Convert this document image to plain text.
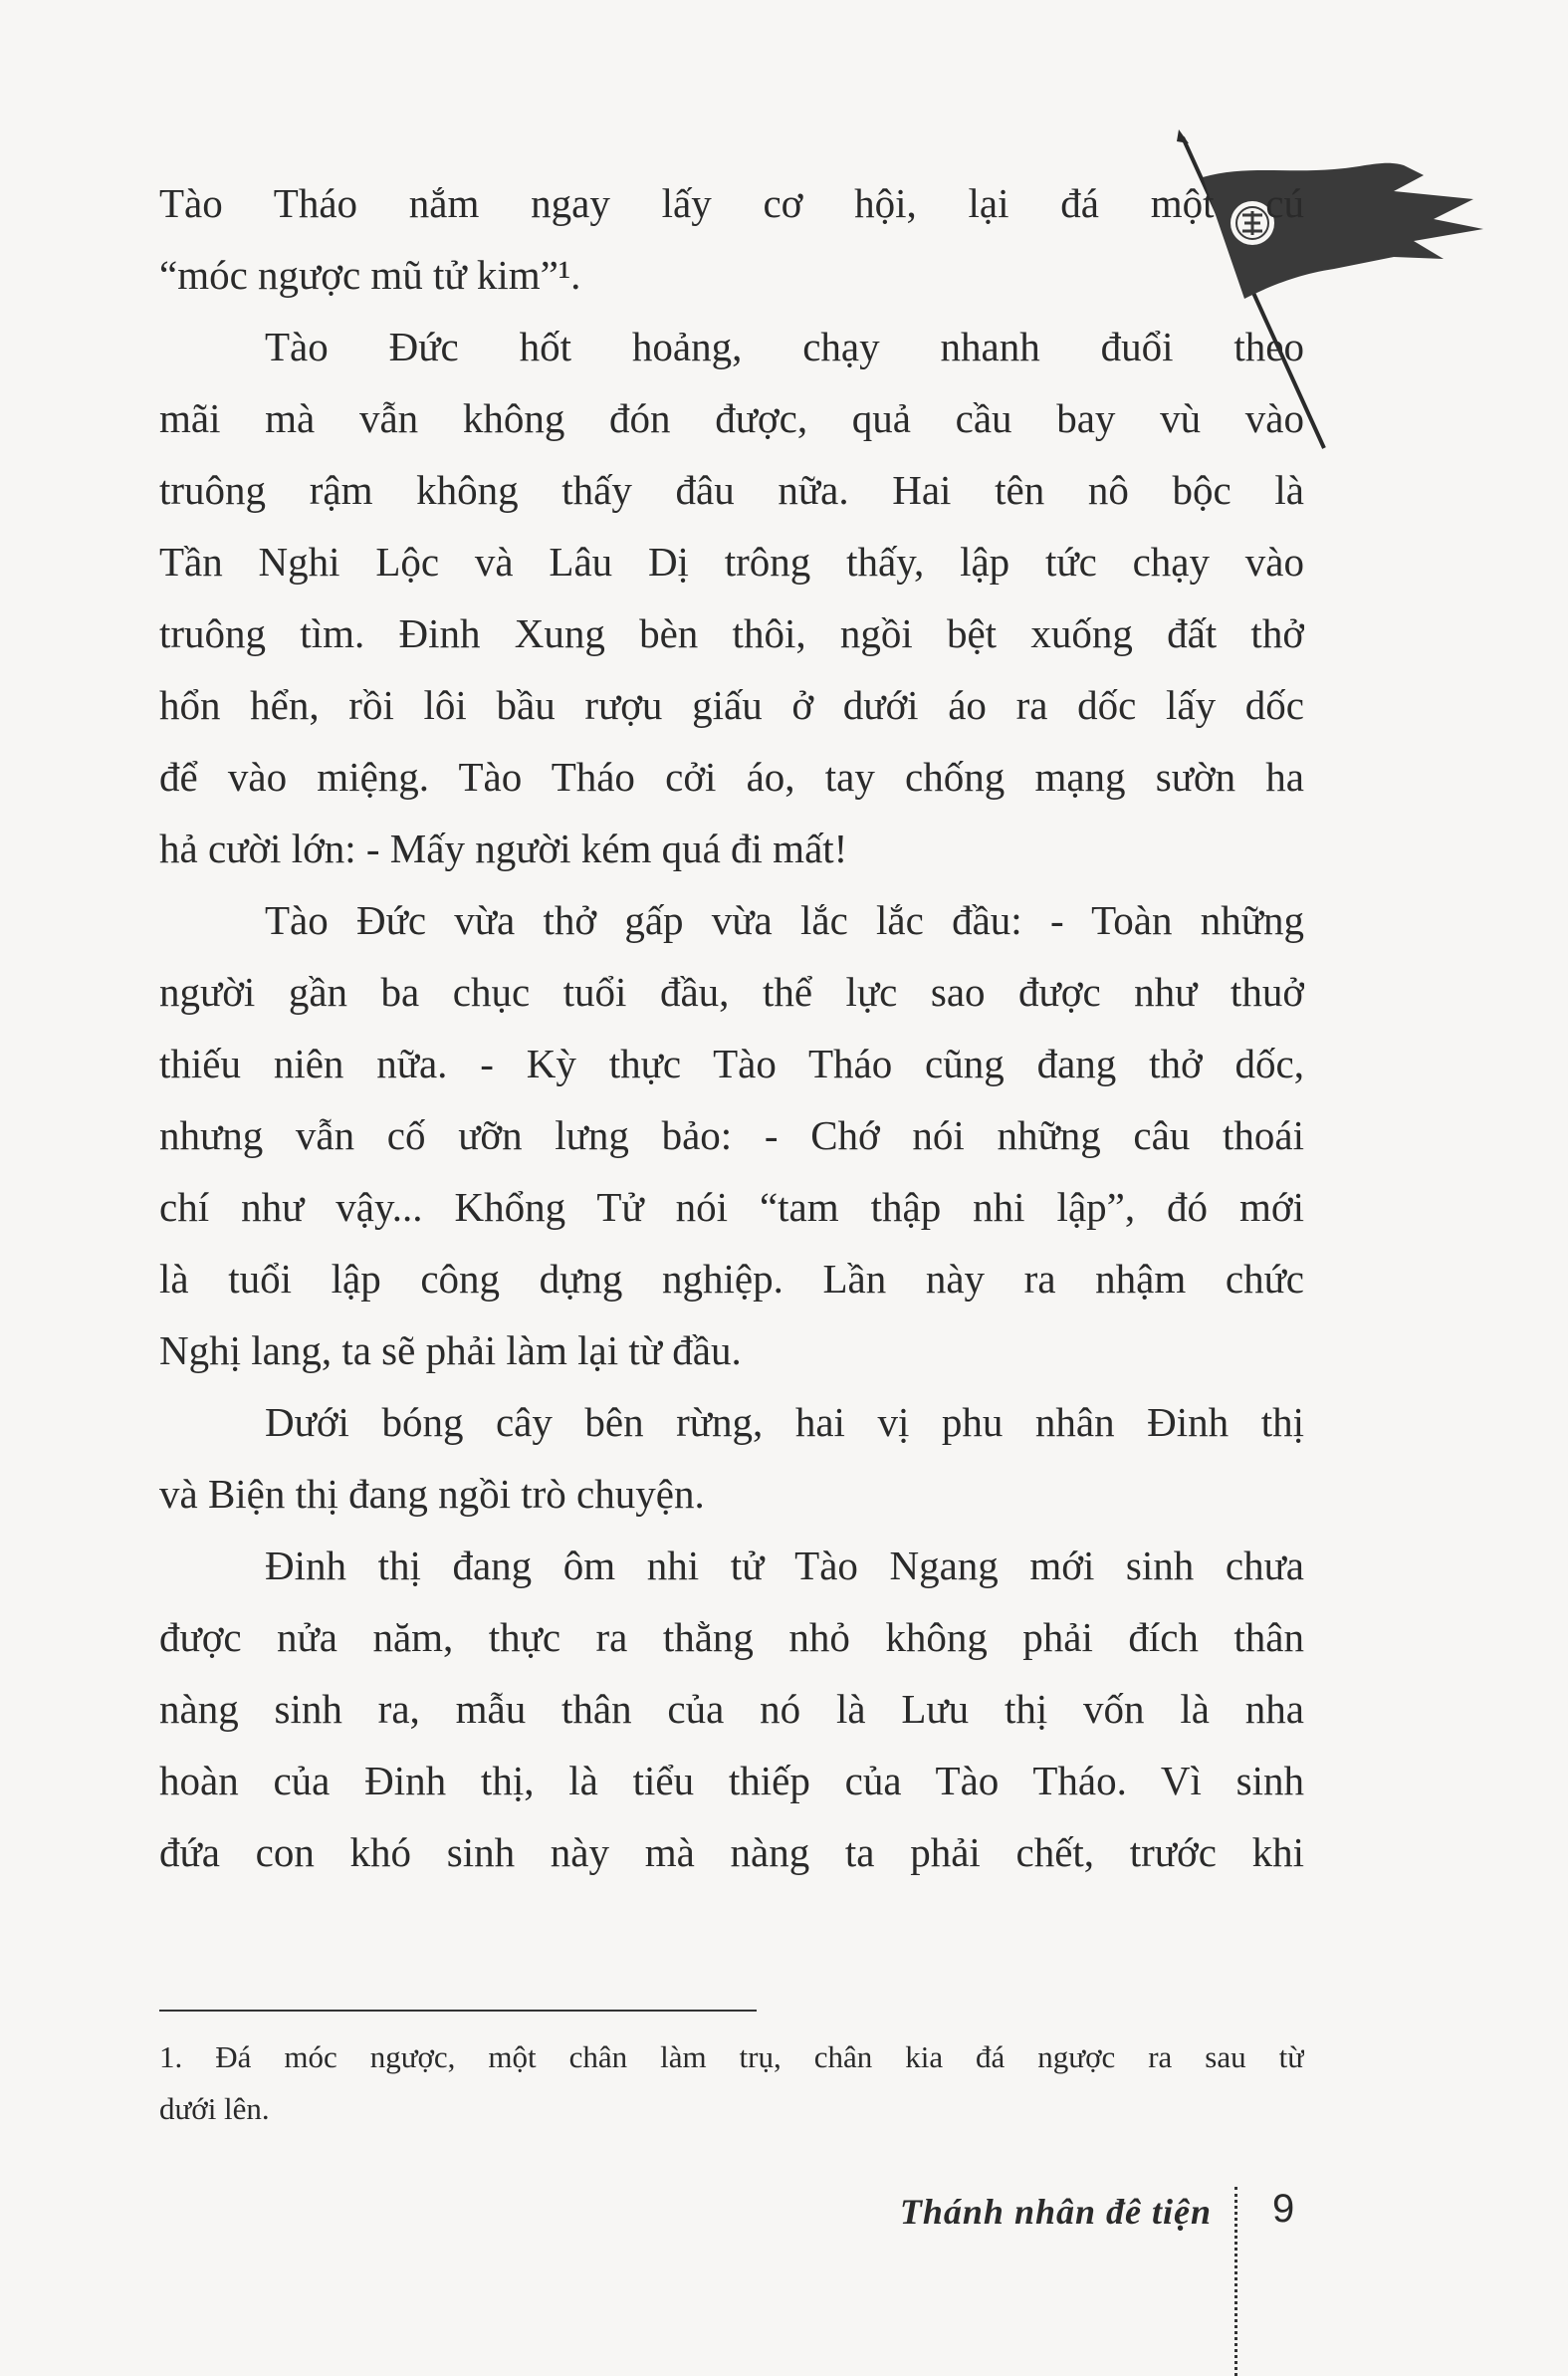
Tào Tháo nắm ngay lấy cơ hội, lại đá một cú
“móc ngược mũ tử kim”¹.
Tào Đức hốt hoảng, chạy nhanh đuổi theo
mãi mà vẫn không đón được, quả cầu bay vù vào
truông rậm không thấy đâu nữa. Hai tên nô bộc là
Tần Nghi Lộc và Lâu Dị trông thấy, lập tức chạy vào
truông tìm. Đinh Xung bèn thôi, ngồi bệt xuống đất thở
hổn hển, rồi lôi bầu rượu giấu ở dưới áo ra dốc lấy dốc
để vào miệng. Tào Tháo cởi áo, tay chống mạng sườn ha
hả cười lớn: - Mấy người kém quá đi mất!
Tào Đức vừa thở gấp vừa lắc lắc đầu: - Toàn những
người gần ba chục tuổi đầu, thể lực sao được như thuở
thiếu niên nữa. - Kỳ thực Tào Tháo cũng đang thở dốc,
nhưng vẫn cố ưỡn lưng bảo: - Chớ nói những câu thoái
chí như vậy... Khổng Tử nói “tam thập nhi lập”, đó mới
là tuổi lập công dựng nghiệp. Lần này ra nhậm chức
Nghị lang, ta sẽ phải làm lại từ đầu.
Dưới bóng cây bên rừng, hai vị phu nhân Đinh thị
và Biện thị đang ngồi trò chuyện.
Đinh thị đang ôm nhi tử Tào Ngang mới sinh chưa
được nửa năm, thực ra thằng nhỏ không phải đích thân
nàng sinh ra, mẫu thân của nó là Lưu thị vốn là nha
hoàn của Đinh thị, là tiểu thiếp của Tào Tháo. Vì sinh
đứa con khó sinh này mà nàng ta phải chết, trước khi
1. Đá móc ngược, một chân làm trụ, chân kia đá ngược ra sau từ
dưới lên.
Thánh nhân đê tiện 9
